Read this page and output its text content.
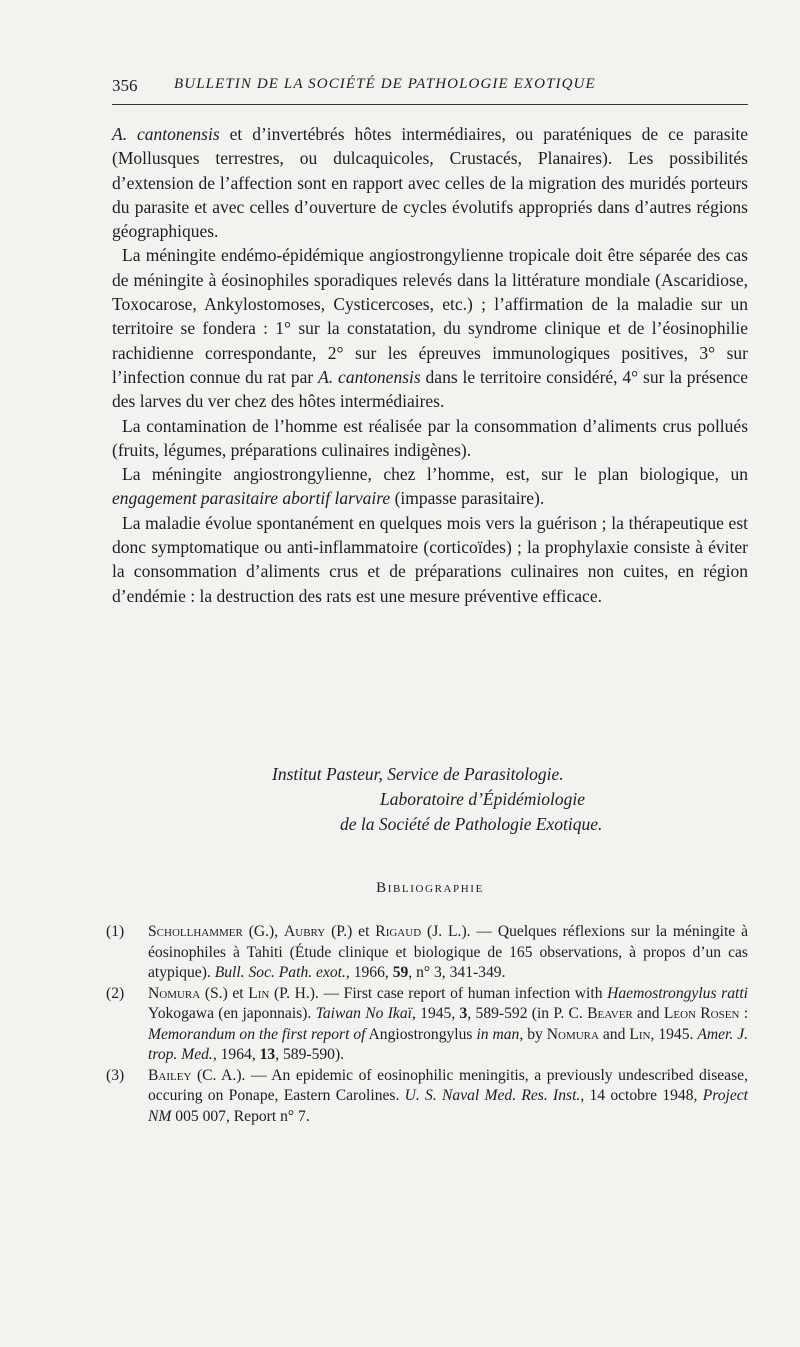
356 BULLETIN DE LA SOCIÉTÉ DE PATHOLOGIE EXOTIQUE

A. cantonensis et d’invertébrés hôtes intermédiaires, ou paraténiques de ce parasite (Mollusques terrestres, ou dulcaquicoles, Crustacés, Planaires). Les possibilités d’extension de l’affection sont en rapport avec celles de la migration des muridés porteurs du parasite et avec celles d’ouverture de cycles évolutifs appropriés dans d’autres régions géographiques.

La méningite endémo-épidémique angiostrongylienne tropicale doit être séparée des cas de méningite à éosinophiles sporadiques relevés dans la littérature mondiale (Ascaridiose, Toxocarose, Ankylostomoses, Cysticercoses, etc.) ; l’affirmation de la maladie sur un territoire se fondera : 1° sur la constatation, du syndrome clinique et de l’éosinophilie rachidienne correspondante, 2° sur les épreuves immunologiques positives, 3° sur l’infection connue du rat par A. cantonensis dans le territoire considéré, 4° sur la présence des larves du ver chez des hôtes intermédiaires.

La contamination de l’homme est réalisée par la consommation d’aliments crus pollués (fruits, légumes, préparations culinaires indigènes).

La méningite angiostrongylienne, chez l’homme, est, sur le plan biologique, un engagement parasitaire abortif larvaire (impasse parasitaire).

La maladie évolue spontanément en quelques mois vers la guérison ; la thérapeutique est donc symptomatique ou anti-inflammatoire (corticoïdes) ; la prophylaxie consiste à éviter la consommation d’aliments crus et de préparations culinaires non cuites, en région d’endémie : la destruction des rats est une mesure préventive efficace.

Institut Pasteur, Service de Parasitologie.
Laboratoire d’Épidémiologie
de la Société de Pathologie Exotique.
Bibliographie
(1) Schollhammer (G.), Aubry (P.) et Rigaud (J. L.). — Quelques réflexions sur la méningite à éosinophiles à Tahiti (Étude clinique et biologique de 165 observations, à propos d’un cas atypique). Bull. Soc. Path. exot., 1966, 59, n° 3, 341-349.
(2) Nomura (S.) et Lin (P. H.). — First case report of human infection with Haemostrongylus ratti Yokogawa (en japonnais). Taiwan No Ikaï, 1945, 3, 589-592 (in P. C. Beaver and Leon Rosen : Memorandum on the first report of Angiostrongylus in man, by Nomura and Lin, 1945. Amer. J. trop. Med., 1964, 13, 589-590).
(3) Bailey (C. A.). — An epidemic of eosinophilic meningitis, a previously undescribed disease, occuring on Ponape, Eastern Carolines. U. S. Naval Med. Res. Inst., 14 octobre 1948, Project NM 005 007, Report n° 7.
